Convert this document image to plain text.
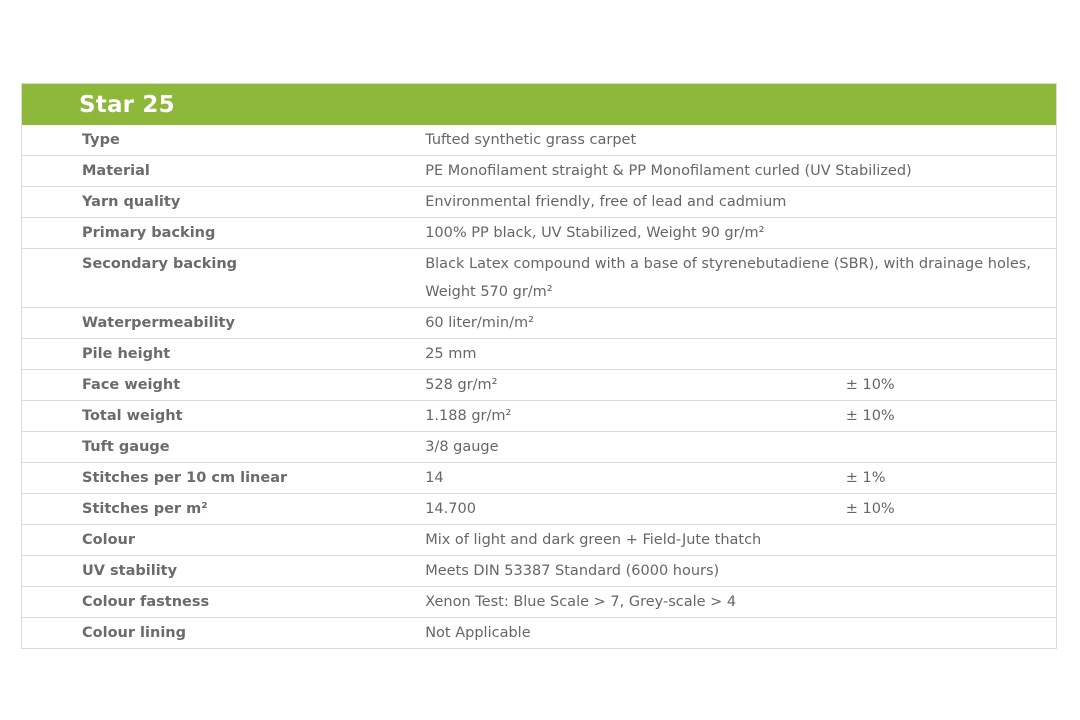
Star 25
Type	Tufted synthetic grass carpet	
Material	PE Monofilament straight & PP Monofilament curled (UV Stabilized)	
Yarn quality	Environmental friendly, free of lead and cadmium	
Primary backing	100% PP black, UV Stabilized, Weight 90 gr/m²	
Secondary backing	Black Latex compound with a base of styrenebutadiene (SBR), with drainage holes, Weight 570 gr/m²	

Waterpermeability	60 liter/min/m²	
Pile height	25 mm	
Face weight	528 gr/m²	± 10%
Total weight	1.188 gr/m²	± 10%
Tuft gauge	3/8 gauge	
Stitches per 10 cm linear	14	± 1%
Stitches per m²	14.700	± 10%
Colour	Mix of light and dark green + Field-Jute thatch	
UV stability	Meets DIN 53387 Standard (6000 hours)	
Colour fastness	Xenon Test: Blue Scale > 7, Grey-scale > 4	
Colour lining	Not Applicable	
